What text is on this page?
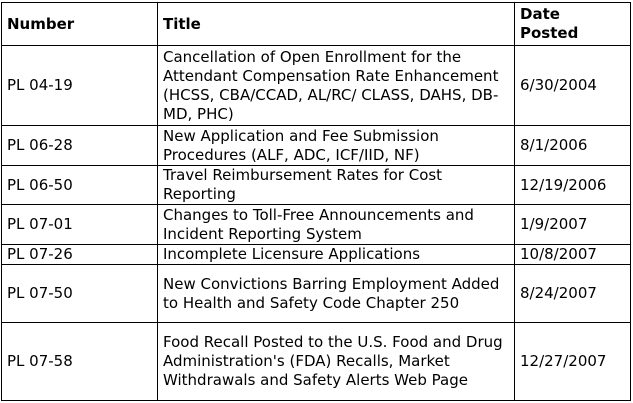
Number	Title	Date
Posted
PL 04-19	Cancellation of Open Enrollment for the Attendant Compensation Rate Enhancement (HCSS, CBA/CCAD, AL/RC/ CLASS, DAHS, DB-MD, PHC)	6/30/2004
PL 06-28	New Application and Fee Submission Procedures (ALF, ADC, ICF/IID, NF)	8/1/2006
PL 06-50	Travel Reimbursement Rates for Cost Reporting	12/19/2006
PL 07-01	Changes to Toll-Free Announcements and Incident Reporting System	1/9/2007
PL 07-26	Incomplete Licensure Applications	10/8/2007
PL 07-50	New Convictions Barring Employment Added to Health and Safety Code Chapter 250	8/24/2007
PL 07-58	Food Recall Posted to the U.S. Food and Drug Administration's (FDA) Recalls, Market Withdrawals and Safety Alerts Web Page	12/27/2007
